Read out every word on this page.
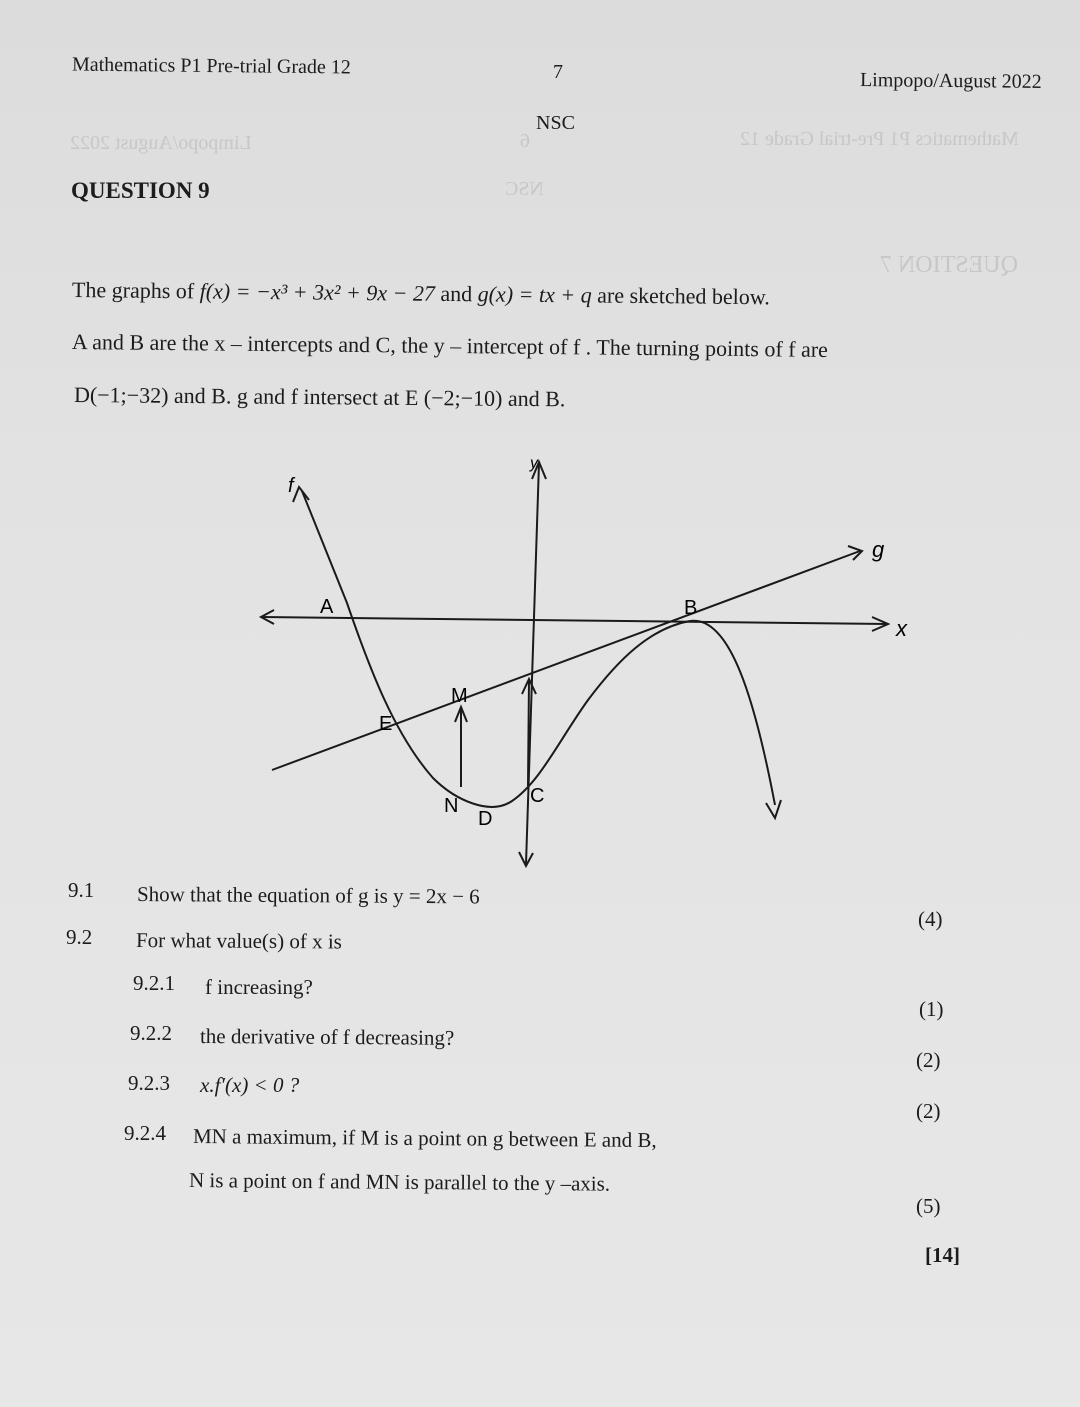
QUESTION 7
NSC
6	Mathematics P1 Pre-trial Grade 12
Limpopo/August 2022
Mathematics P1 Pre-trial Grade 12	7	Limpopo/August 2022
NSC
QUESTION 9
The graphs of f(x) = −x³ + 3x² + 9x − 27 and g(x) = tx + q are sketched below.
A and B are the x – intercepts and C, the y – intercept of f . The turning points of f are
D(−1;−32) and B. g and f intersect at E (−2;−10) and B.
f
g
x
y
A	B
C
D
E
M
N
9.1 Show that the equation of g is y = 2x − 6
(4)
9.2 For what value(s) of x is
9.2.1 f increasing?
(1)
9.2.2 the derivative of f decreasing?
(2)
9.2.3 x.f′(x) < 0 ?
(2)
9.2.4 MN a maximum, if M is a point on g between E and B,
N is a point on f and MN is parallel to the y –axis.
(5)
[14]
